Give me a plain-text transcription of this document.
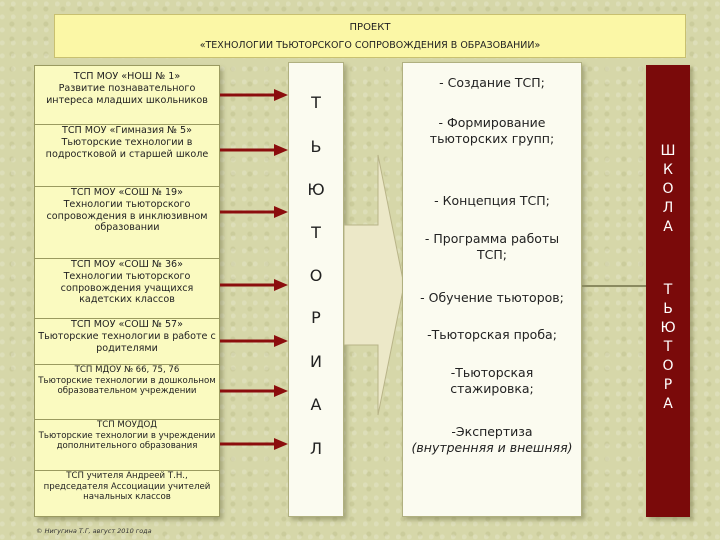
ПРОЕКТ
«ТЕХНОЛОГИИ ТЬЮТОРСКОГО СОПРОВОЖДЕНИЯ В ОБРАЗОВАНИИ»
ТСП МОУ «НОШ № 1»
Развитие познавательного интереса младших школьников
ТСП МОУ «Гимназия № 5»
Тьюторские технологии в подростковой и старшей школе
ТСП МОУ «СОШ № 19»
Технологии тьюторского сопровождения в инклюзивном образовании
ТСП МОУ «СОШ № 36»
Технологии тьюторского сопровождения учащихся кадетских классов
ТСП МОУ «СОШ № 57»
Тьюторские технологии в работе с родителями
ТСП МДОУ № 66, 75, 76
Тьюторские технологии в дошкольном образовательном учреждении
ТСП МОУДОД
Тьюторские технологии в учреждении дополнительного образования
ТСП учителя Андреей Т.Н.,
председателя Ассоциации учителей начальных классов
Т
Ь
Ю
Т
О
Р
И
А
Л
- Создание ТСП;
- Формирование тьюторских групп;
- Концепция ТСП;
- Программа работы ТСП;
- Обучение тьюторов;
-Тьюторская проба;
-Тьюторская стажировка;
-Экспертиза
(внутренняя и внешняя)
Ш
К
О
Л
А
Т
Ь
Ю
Т
О
Р
А
© Нигугина Т.Г, август 2010 года
